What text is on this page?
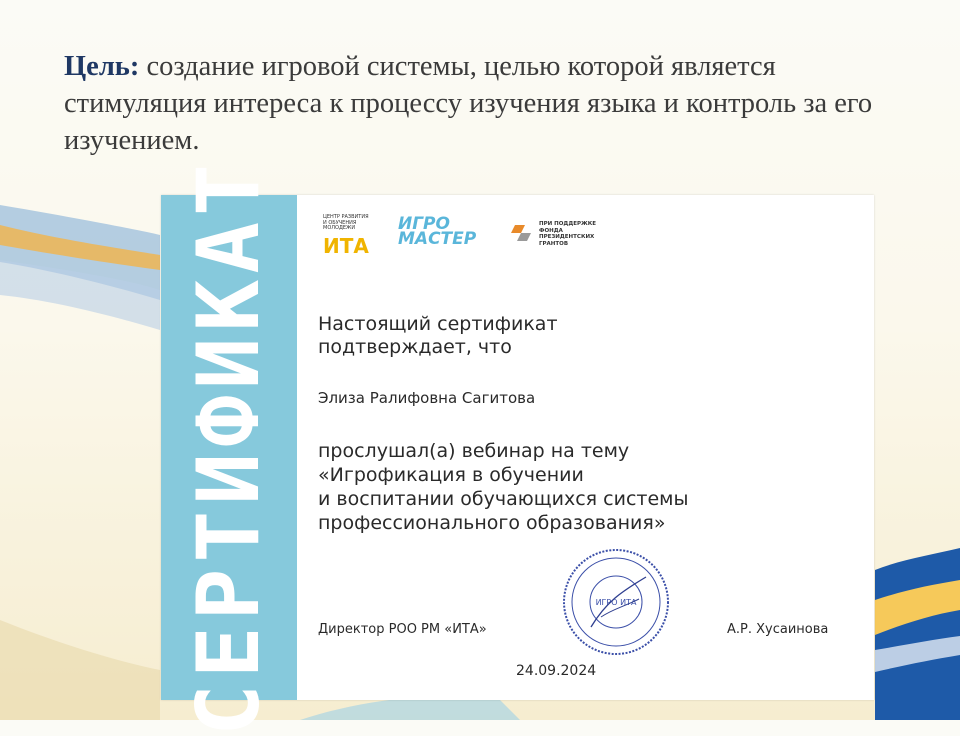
Цель: создание игровой системы, целью которой является стимуляция интереса к процессу изучения языка и контроль за его изучением.
СЕРТИФИКАТ	ЦЕНТР РАЗВИТИЯ И ОБУЧЕНИЯ МОЛОДЕЖИ
ИТА
ИГРО
МАСТЕР
ПРИ ПОДДЕРЖКЕ
ФОНДА
ПРЕЗИДЕНТСКИХ
ГРАНТОВ
Настоящий сертификат
подтверждает, что
Элиза Ралифовна Сагитова
прослушал(а) вебинар на тему
«Игрофикация в обучении
и воспитании обучающихся системы
профессионального образования»
ИГРО ИТА
Директор РОО РМ «ИТА»	А.Р. Хусаинова
24.09.2024
